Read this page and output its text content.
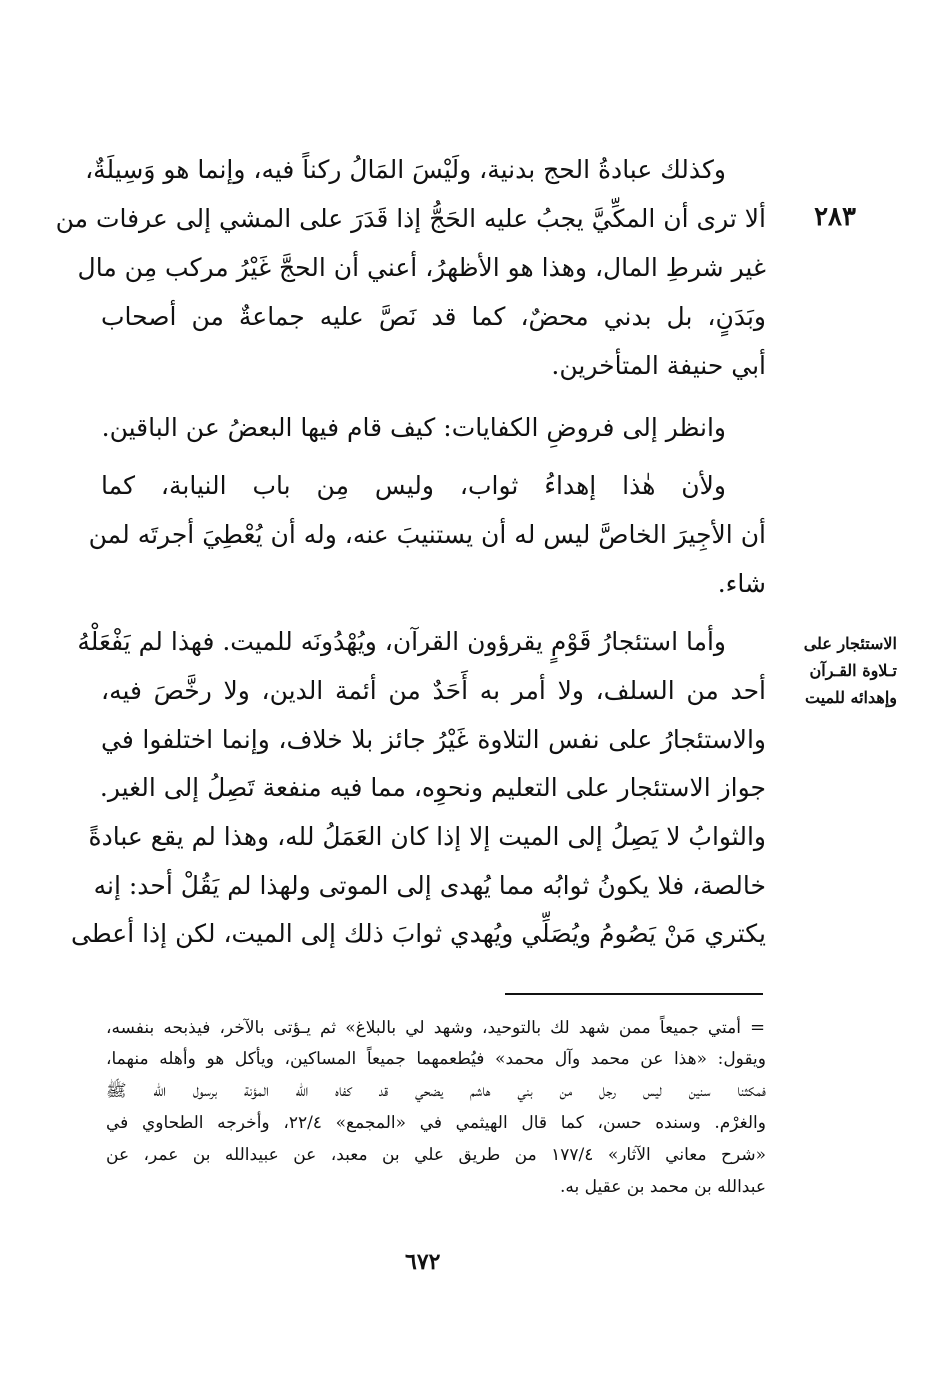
٢٨٣
الاستئجار على
تـلاوة القـرآن
وإهدائه للميت
وكذلك عبادةُ الحج بدنية، ولَيْسَ المَالُ ركناً فيه، وإنما هو وَسِيلَةٌ،
ألا ترى أن المكِّيَّ يجبُ عليه الحَجُّ إذا قَدَرَ على المشي إلى عرفات من
غير شرطِ المال، وهذا هو الأظهرُ، أعني أن الحجَّ غَيْرُ مركب مِن مال
وبَدَنٍ، بل بدني محضٌ، كما قد نَصَّ عليه جماعةٌ من أصحاب
أبي حنيفة المتأخرين.
وانظر إلى فروضِ الكفايات: كيف قام فيها البعضُ عن الباقين.
ولأن هٰذا إهداءُ ثواب، وليس مِن باب النيابة، كما
أن الأجِيرَ الخاصَّ ليس له أن يستنيبَ عنه، وله أن يُعْطِيَ أجرتَه لمن
شاء.
وأما استئجارُ قَوْمٍ يقرؤون القرآن، ويُهْدُونَه للميت. فهذا لم يَفْعَلْهُ
أحد من السلف، ولا أمر به أَحَدٌ من أئمة الدين، ولا رخَّصَ فيه،
والاستئجارُ على نفس التلاوة غَيْرُ جائز بلا خلاف، وإنما اختلفوا في
جواز الاستئجار على التعليم ونحوِه، مما فيه منفعة تَصِلُ إلى الغير.
والثوابُ لا يَصِلُ إلى الميت إلا إذا كان العَمَلُ لله، وهذا لم يقع عبادةً
خالصة، فلا يكونُ ثوابُه مما يُهدى إلى الموتى ولهذا لم يَقُلْ أحد: إنه
يكتري مَنْ يَصُومُ ويُصَلِّي ويُهدي ثوابَ ذلك إلى الميت، لكن إذا أعطى
=
أمتي جميعاً ممن شهد لك بالتوحيد، وشهد لي بالبلاغ» ثم يـؤتى بالآخر، فيذبحه بنفسه،
ويقول: «هذا عن محمد وآل محمد» فيُطعمهما جميعاً المساكين، ويأكل هو وأهله منهما،
فمكثنا سنين ليس رجل من بني هاشم يضحي قد كفاه الله المؤنة برسول الله ﷺ
والغرْم. وسنده حسن، كما قال الهيثمي في «المجمع» ٢٢/٤، وأخرجه الطحاوي في
«شرح معاني الآثار» ١٧٧/٤ من طريق علي بن معبد، عن عبيدالله بن عمر، عن
عبدالله بن محمد بن عقيل به.
٦٧٢
